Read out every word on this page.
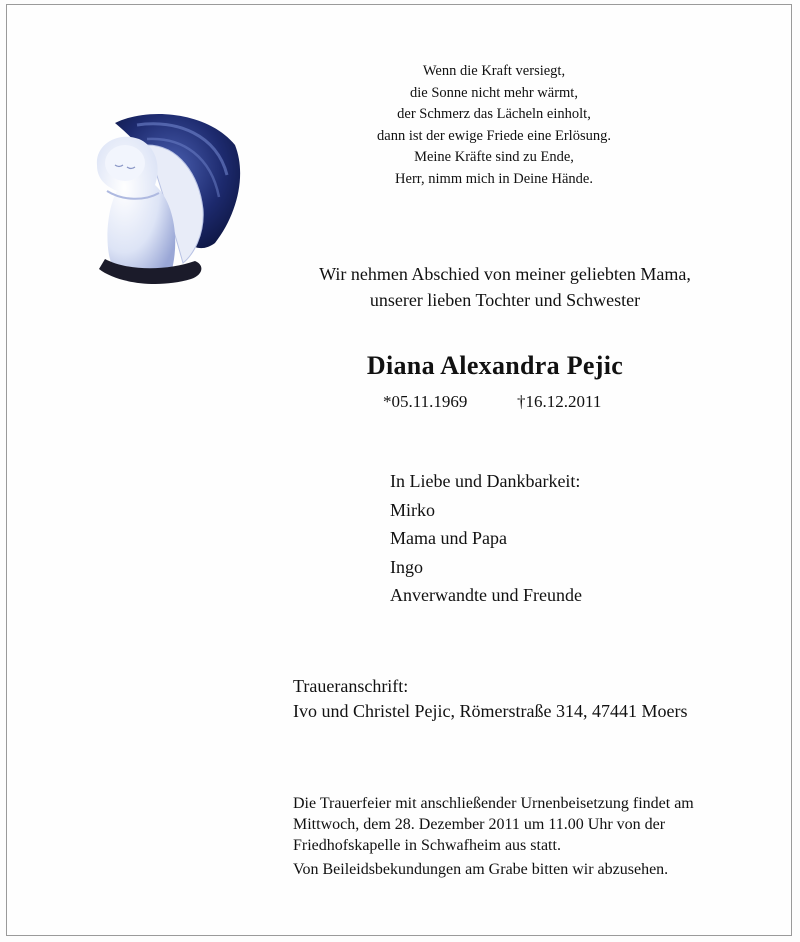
Wenn die Kraft versiegt,
die Sonne nicht mehr wärmt,
der Schmerz das Lächeln einholt,
dann ist der ewige Friede eine Erlösung.
Meine Kräfte sind zu Ende,
Herr, nimm mich in Deine Hände.
Wir nehmen Abschied von meiner geliebten Mama,
unserer lieben Tochter und Schwester
Diana Alexandra Pejic
*05.11.1969	†16.12.2011
In Liebe und Dankbarkeit:
Mirko
Mama und Papa
Ingo
Anverwandte und Freunde
Traueranschrift:
Ivo und Christel Pejic, Römerstraße 314, 47441 Moers
Die Trauerfeier mit anschließender Urnenbeisetzung findet am
Mittwoch, dem 28. Dezember 2011 um 11.00 Uhr von der
Friedhofskapelle in Schwafheim aus statt.
Von Beileidsbekundungen am Grabe bitten wir abzusehen.
